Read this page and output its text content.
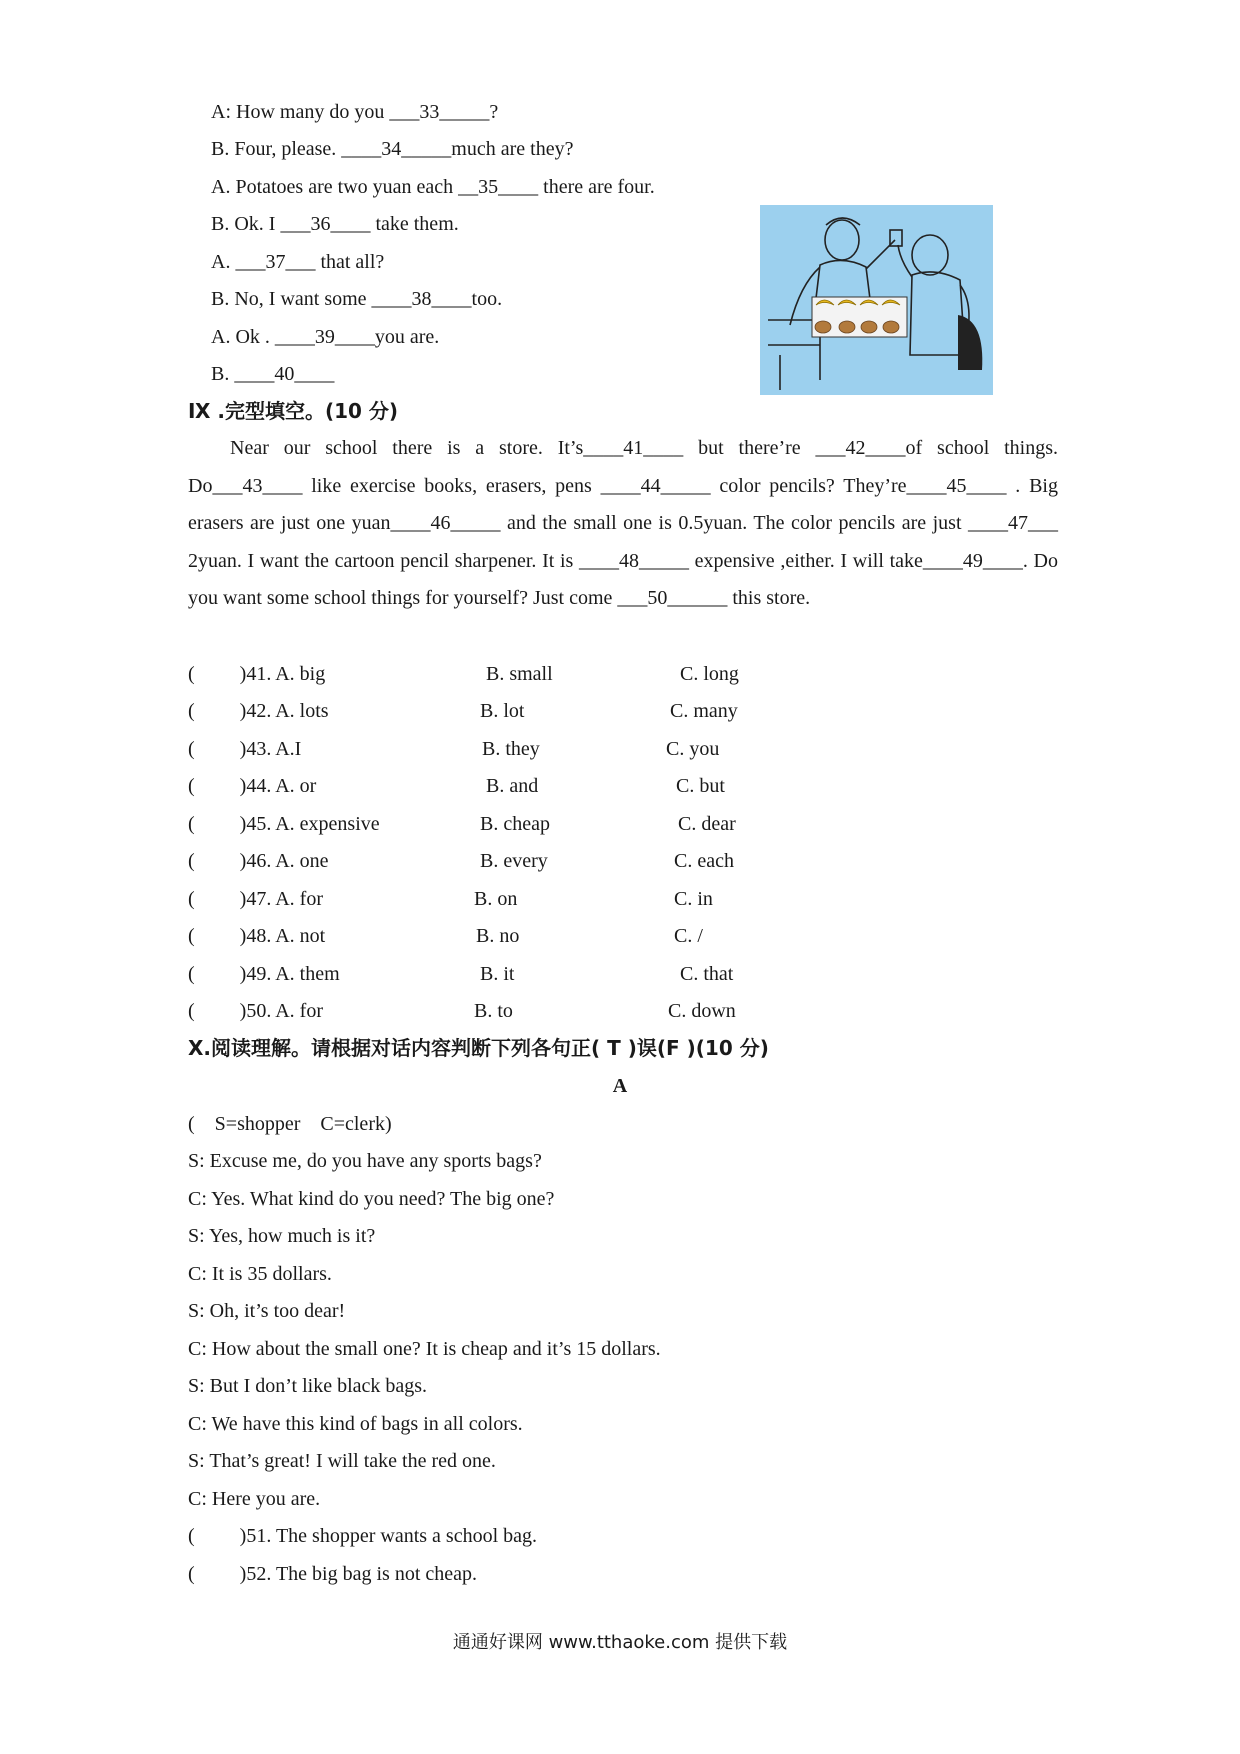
A: How many do you ___33_____?
B. Four, please. ____34_____much are they?
A. Potatoes are two yuan each __35____ there are four.
B. Ok. I ___36____ take them.
A. ___37___ that all?
B. No, I want some ____38____too.
A. Ok . ____39____you are.
B. ____40____
Ⅸ .完型填空。(10 分)
Near our school there is a store. It’s____41____ but there’re ___42____of school things. Do___43____ like exercise books, erasers, pens ____44_____ color pencils? They’re____45____ . Big erasers are just one yuan____46_____ and the small one is 0.5yuan. The color pencils are just ____47___ 2yuan. I want the cartoon pencil sharpener. It is ____48_____ expensive ,either. I will take____49____. Do you want some school things for yourself? Just come ___50______ this store.
(         )41. A. big	B. small	C. long
(         )42. A. lots	B. lot	C. many
(         )43. A.I	B. they	C. you
(         )44. A. or	B. and	C. but
(         )45. A. expensive	B. cheap	C. dear
(         )46. A. one	B. every	C. each
(         )47. A. for	B. on	C. in
(         )48. A. not	B. no	C. /
(         )49. A. them	B. it	C. that
(         )50. A. for	B. to	C. down
X.阅读理解。请根据对话内容判断下列各句正( T )误(F )(10 分)
A
(    S=shopper    C=clerk)
S: Excuse me, do you have any sports bags?
C: Yes. What kind do you need? The big one?
S: Yes, how much is it?
C: It is 35 dollars.
S: Oh, it’s too dear!
C: How about the small one? It is cheap and it’s 15 dollars.
S: But I don’t like black bags.
C: We have this kind of bags in all colors.
S: That’s great! I will take the red one.
C: Here you are.
(         )51. The shopper wants a school bag.
(         )52. The big bag is not cheap.
通通好课网 www.tthaoke.com 提供下载
